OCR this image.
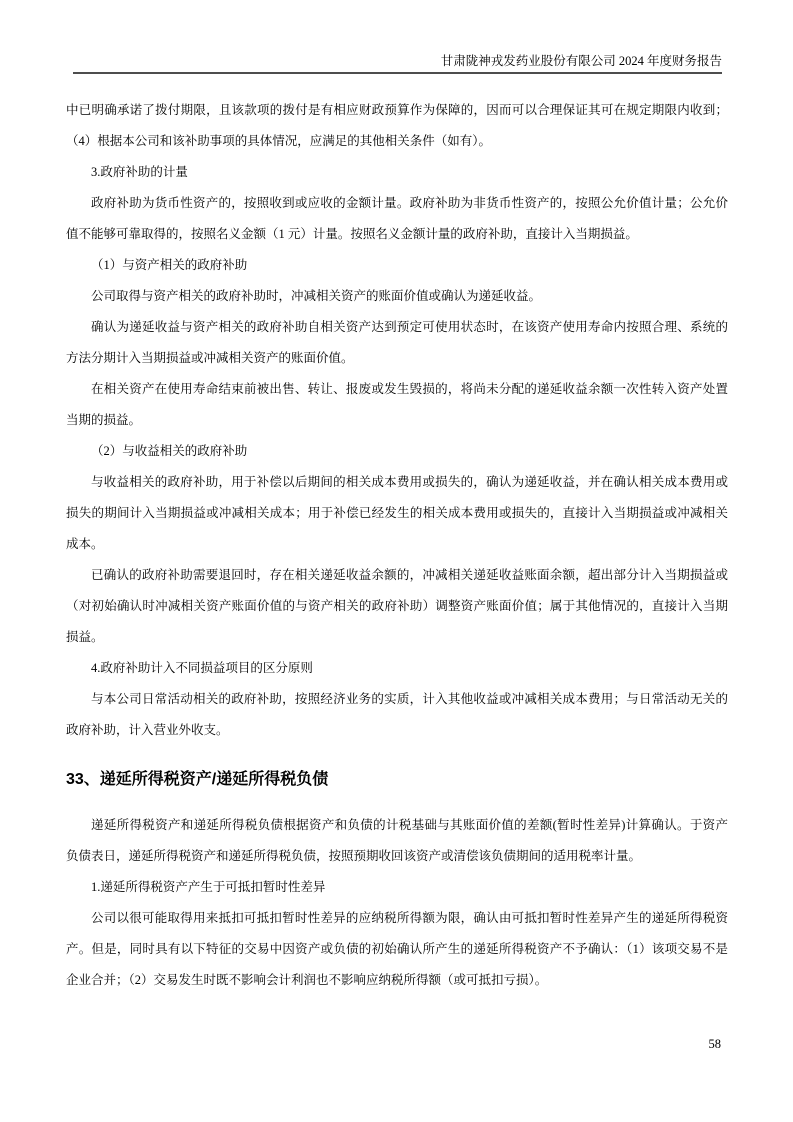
甘肃陇神戎发药业股份有限公司 2024 年度财务报告
中已明确承诺了拨付期限，且该款项的拨付是有相应财政预算作为保障的，因而可以合理保证其可在规定期限内收到；
（4）根据本公司和该补助事项的具体情况，应满足的其他相关条件（如有）。
3.政府补助的计量
政府补助为货币性资产的，按照收到或应收的金额计量。政府补助为非货币性资产的，按照公允价值计量；公允价
值不能够可靠取得的，按照名义金额（1 元）计量。按照名义金额计量的政府补助，直接计入当期损益。
（1）与资产相关的政府补助
公司取得与资产相关的政府补助时，冲减相关资产的账面价值或确认为递延收益。
确认为递延收益与资产相关的政府补助自相关资产达到预定可使用状态时，在该资产使用寿命内按照合理、系统的
方法分期计入当期损益或冲减相关资产的账面价值。
在相关资产在使用寿命结束前被出售、转让、报废或发生毁损的，将尚未分配的递延收益余额一次性转入资产处置
当期的损益。
（2）与收益相关的政府补助
与收益相关的政府补助，用于补偿以后期间的相关成本费用或损失的，确认为递延收益，并在确认相关成本费用或
损失的期间计入当期损益或冲减相关成本；用于补偿已经发生的相关成本费用或损失的，直接计入当期损益或冲减相关
成本。
已确认的政府补助需要退回时，存在相关递延收益余额的，冲减相关递延收益账面余额，超出部分计入当期损益或
（对初始确认时冲减相关资产账面价值的与资产相关的政府补助）调整资产账面价值；属于其他情况的，直接计入当期
损益。
4.政府补助计入不同损益项目的区分原则
与本公司日常活动相关的政府补助，按照经济业务的实质，计入其他收益或冲减相关成本费用；与日常活动无关的
政府补助，计入营业外收支。
33、递延所得税资产/递延所得税负债
递延所得税资产和递延所得税负债根据资产和负债的计税基础与其账面价值的差额(暂时性差异)计算确认。于资产
负债表日，递延所得税资产和递延所得税负债，按照预期收回该资产或清偿该负债期间的适用税率计量。
1.递延所得税资产产生于可抵扣暂时性差异
公司以很可能取得用来抵扣可抵扣暂时性差异的应纳税所得额为限，确认由可抵扣暂时性差异产生的递延所得税资
产。但是，同时具有以下特征的交易中因资产或负债的初始确认所产生的递延所得税资产不予确认：（1）该项交易不是
企业合并；（2）交易发生时既不影响会计利润也不影响应纳税所得额（或可抵扣亏损）。
58
